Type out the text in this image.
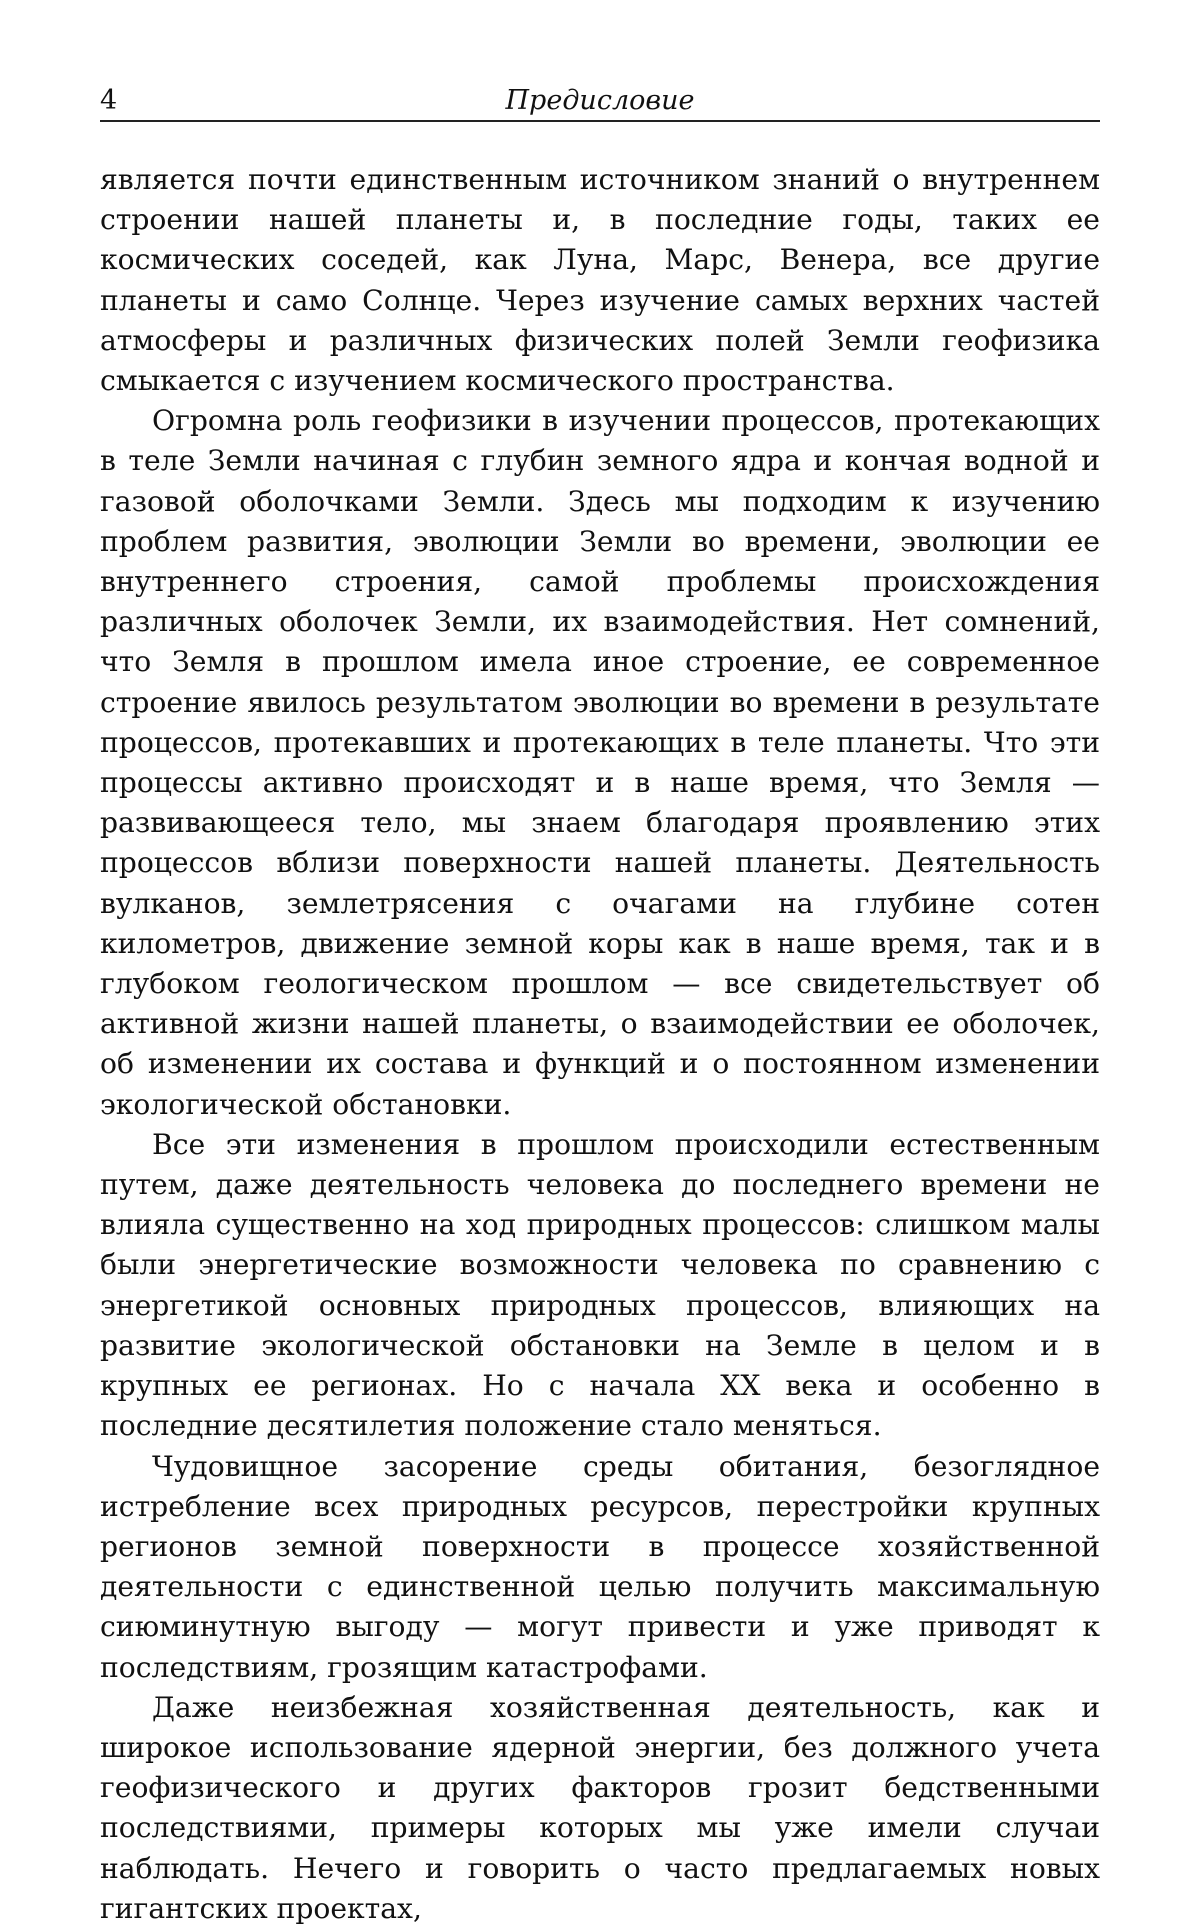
4	Предисловие

является почти единственным источником знаний о внутреннем строении нашей планеты и, в последние годы, таких ее космических соседей, как Луна, Марс, Венера, все другие планеты и само Солнце. Через изучение самых верхних частей атмосферы и различных физических полей Земли геофизика смыкается с изучением космического пространства.

Огромна роль геофизики в изучении процессов, протекающих в теле Земли начиная с глубин земного ядра и кончая водной и газовой оболочками Земли. Здесь мы подходим к изучению проблем развития, эволюции Земли во времени, эволюции ее внутреннего строения, самой проблемы происхождения различных оболочек Земли, их взаимодействия. Нет сомнений, что Земля в прошлом имела иное строение, ее современное строение явилось результатом эволюции во времени в результате процессов, протекавших и протекающих в теле планеты. Что эти процессы активно происходят и в наше время, что Земля — развивающееся тело, мы знаем благодаря проявлению этих процессов вблизи поверхности нашей планеты. Деятельность вулканов, землетрясения с очагами на глубине сотен километров, движение земной коры как в наше время, так и в глубоком геологическом прошлом — все свидетельствует об активной жизни нашей планеты, о взаимодействии ее оболочек, об изменении их состава и функций и о постоянном изменении экологической обстановки.

Все эти изменения в прошлом происходили естественным путем, даже деятельность человека до последнего времени не влияла существенно на ход природных процессов: слишком малы были энергетические возможности человека по сравнению с энергетикой основных природных процессов, влияющих на развитие экологической обстановки на Земле в целом и в крупных ее регионах. Но с начала XX века и особенно в последние десятилетия положение стало меняться.

Чудовищное засорение среды обитания, безоглядное истребление всех природных ресурсов, перестройки крупных регионов земной поверхности в процессе хозяйственной деятельности с единственной целью получить максимальную сиюминутную выгоду — могут привести и уже приводят к последствиям, грозящим катастрофами.

Даже неизбежная хозяйственная деятельность, как и широкое использование ядерной энергии, без должного учета геофизического и других факторов грозит бедственными последствиями, примеры которых мы уже имели случаи наблюдать. Нечего и говорить о часто предлагаемых новых гигантских проектах,
